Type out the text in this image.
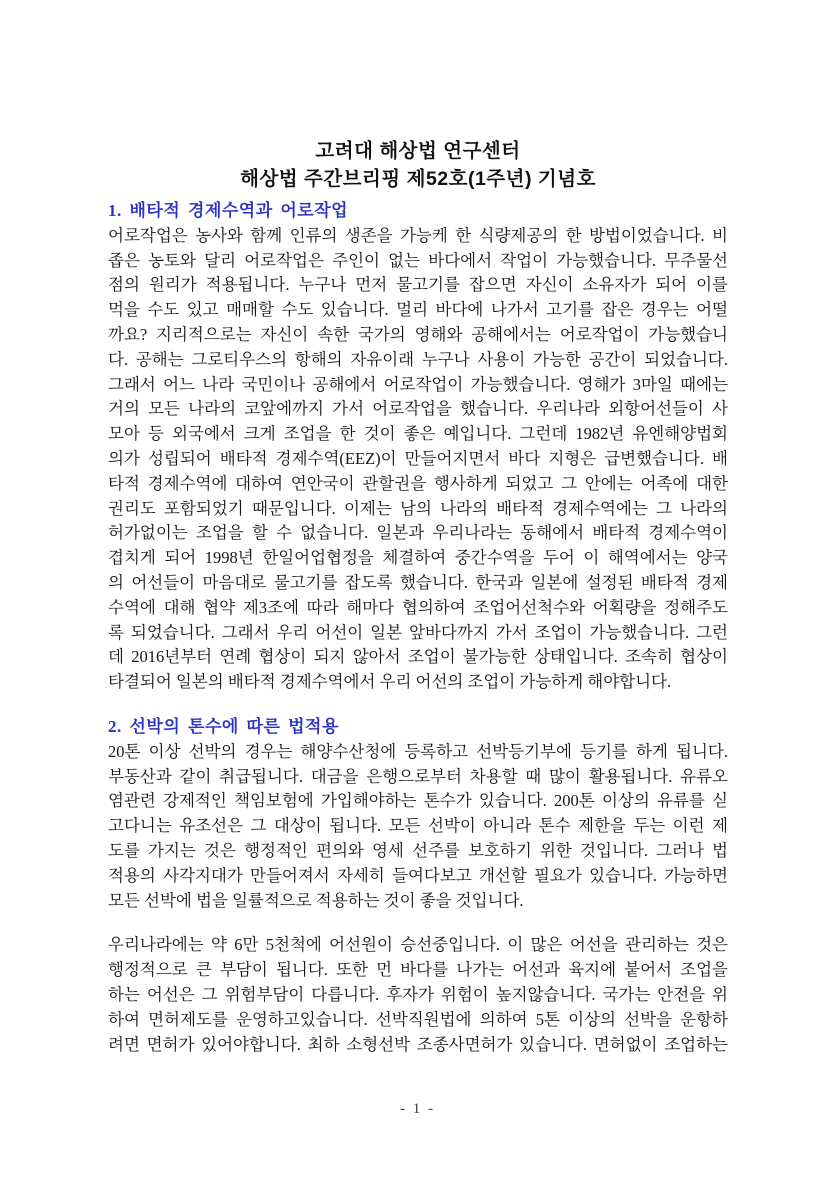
고려대 해상법 연구센터
해상법 주간브리핑 제52호(1주년) 기념호
1. 배타적 경제수역과 어로작업
어로작업은 농사와 함께 인류의 생존을 가능케 한 식량제공의 한 방법이었습니다. 비
좁은 농토와 달리 어로작업은 주인이 없는 바다에서 작업이 가능했습니다. 무주물선
점의 원리가 적용됩니다. 누구나 먼저 물고기를 잡으면 자신이 소유자가 되어 이를
먹을 수도 있고 매매할 수도 있습니다. 멀리 바다에 나가서 고기를 잡은 경우는 어떨
까요? 지리적으로는 자신이 속한 국가의 영해와 공해에서는 어로작업이 가능했습니
다. 공해는 그로티우스의 항해의 자유이래 누구나 사용이 가능한 공간이 되었습니다.
그래서 어느 나라 국민이나 공해에서 어로작업이 가능했습니다. 영해가 3마일 때에는
거의 모든 나라의 코앞에까지 가서 어로작업을 했습니다. 우리나라 외항어선들이 사
모아 등 외국에서 크게 조업을 한 것이 좋은 예입니다. 그런데 1982년 유엔해양법회
의가 성립되어 배타적 경제수역(EEZ)이 만들어지면서 바다 지형은 급변했습니다. 배
타적 경제수역에 대하여 연안국이 관할권을 행사하게 되었고 그 안에는 어족에 대한
권리도 포함되었기 때문입니다. 이제는 남의 나라의 배타적 경제수역에는 그 나라의
허가없이는 조업을 할 수 없습니다. 일본과 우리나라는 동해에서 배타적 경제수역이
겹치게 되어 1998년 한일어업협정을 체결하여 중간수역을 두어 이 해역에서는 양국
의 어선들이 마음대로 물고기를 잡도록 했습니다. 한국과 일본에 설정된 배타적 경제
수역에 대해 협약 제3조에 따라 해마다 협의하여 조업어선척수와 어획량을 정해주도
록 되었습니다. 그래서 우리 어선이 일본 앞바다까지 가서 조업이 가능했습니다. 그런
데 2016년부터 연례 협상이 되지 않아서 조업이 불가능한 상태입니다. 조속히 협상이
타결되어 일본의 배타적 경제수역에서 우리 어선의 조업이 가능하게 해야합니다.
2. 선박의 톤수에 따른 법적용
20톤 이상 선박의 경우는 해양수산청에 등록하고 선박등기부에 등기를 하게 됩니다.
부동산과 같이 취급됩니다. 대금을 은행으로부터 차용할 때 많이 활용됩니다. 유류오
염관련 강제적인 책임보험에 가입해야하는 톤수가 있습니다. 200톤 이상의 유류를 싣
고다니는 유조선은 그 대상이 됩니다. 모든 선박이 아니라 톤수 제한을 두는 이런 제
도를 가지는 것은 행정적인 편의와 영세 선주를 보호하기 위한 것입니다. 그러나 법
적용의 사각지대가 만들어져서 자세히 들여다보고 개선할 필요가 있습니다. 가능하면
모든 선박에 법을 일률적으로 적용하는 것이 좋을 것입니다.
우리나라에는 약 6만 5천척에 어선원이 승선중입니다. 이 많은 어선을 관리하는 것은
행정적으로 큰 부담이 됩니다. 또한 먼 바다를 나가는 어선과 육지에 붙어서 조업을
하는 어선은 그 위험부담이 다릅니다. 후자가 위험이 높지않습니다. 국가는 안전을 위
하여 면허제도를 운영하고있습니다. 선박직원법에 의하여 5톤 이상의 선박을 운항하
려면 면허가 있어야합니다. 최하 소형선박 조종사면허가 있습니다. 면허없이 조업하는
- 1 -
